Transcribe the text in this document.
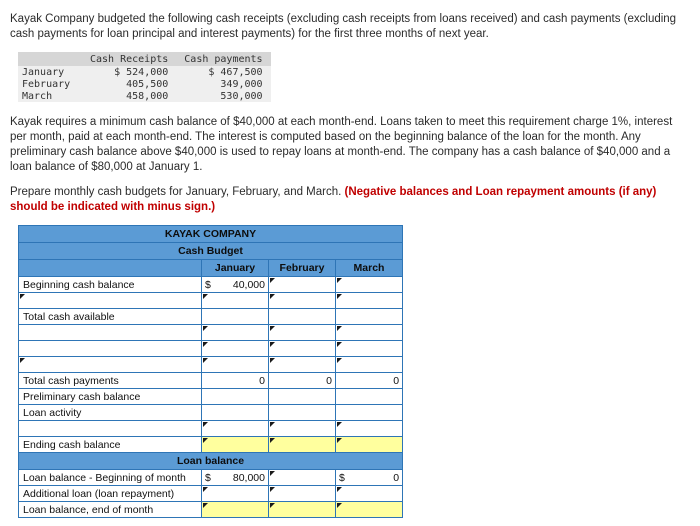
Kayak Company budgeted the following cash receipts (excluding cash receipts from loans received) and cash payments (excluding cash payments for loan principal and interest payments) for the first three months of next year.

	Cash Receipts	Cash payments
January	$ 524,000	$ 467,500
February	405,500	349,000
March	458,000	530,000

Kayak requires a minimum cash balance of $40,000 at each month-end. Loans taken to meet this requirement charge 1%, interest per month, paid at each month-end. The interest is computed based on the beginning balance of the loan for the month. Any preliminary cash balance above $40,000 is used to repay loans at month-end. The company has a cash balance of $40,000 and a loan balance of $80,000 at January 1.

Prepare monthly cash budgets for January, February, and March. (Negative balances and Loan repayment amounts (if any) should be indicated with minus sign.)

KAYAK COMPANY			
Cash Budget			
	January	February	March
Beginning cash balance	$ 40,000	

Total cash available	

Total cash payments	0	0	0
Preliminary cash balance	

Loan activity	

Ending cash balance	

Loan balance			
Loan balance - Beginning of month	$ 80,000		$ 0
Additional loan (loan repayment)	

Loan balance, end of month	
